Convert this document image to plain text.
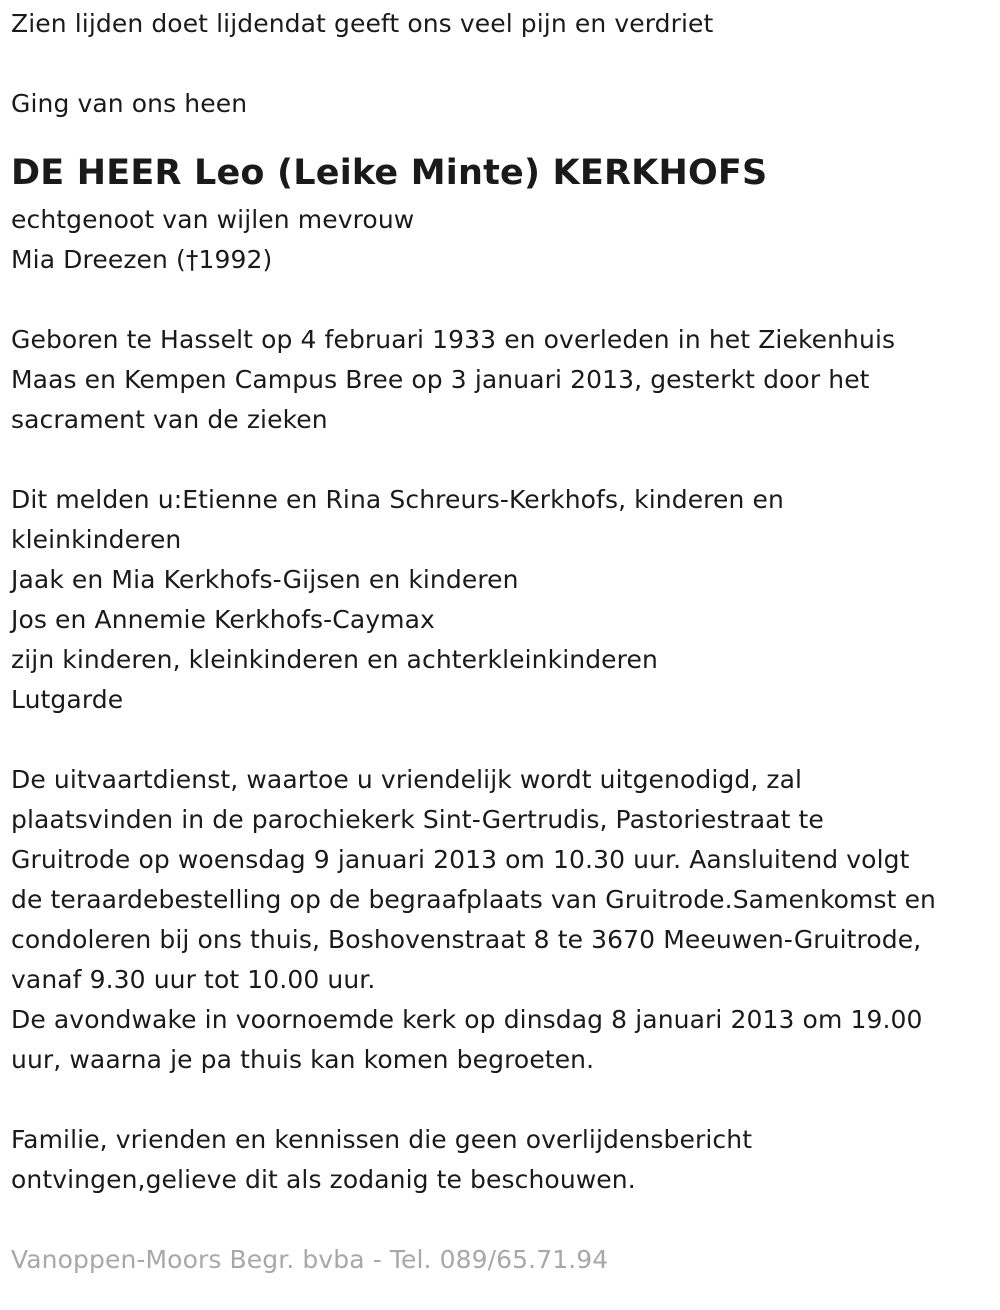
Zien lijden doet lijdendat geeft ons veel pijn en verdriet
Ging van ons heen
DE HEER Leo (Leike Minte) KERKHOFS
echtgenoot van wijlen mevrouw
Mia Dreezen (†1992)
Geboren te Hasselt op 4 februari 1933 en overleden in het Ziekenhuis
Maas en Kempen Campus Bree op 3 januari 2013, gesterkt door het
sacrament van de zieken
Dit melden u:Etienne en Rina Schreurs-Kerkhofs, kinderen en
kleinkinderen
Jaak en Mia Kerkhofs-Gijsen en kinderen
Jos en Annemie Kerkhofs-Caymax
zijn kinderen, kleinkinderen en achterkleinkinderen
Lutgarde
De uitvaartdienst, waartoe u vriendelijk wordt uitgenodigd, zal
plaatsvinden in de parochiekerk Sint-Gertrudis, Pastoriestraat te
Gruitrode op woensdag 9 januari 2013 om 10.30 uur. Aansluitend volgt
de teraardebestelling op de begraafplaats van Gruitrode.Samenkomst en
condoleren bij ons thuis, Boshovenstraat 8 te 3670 Meeuwen-Gruitrode,
vanaf 9.30 uur tot 10.00 uur.
De avondwake in voornoemde kerk op dinsdag 8 januari 2013 om 19.00
uur, waarna je pa thuis kan komen begroeten.
Familie, vrienden en kennissen die geen overlijdensbericht
ontvingen,gelieve dit als zodanig te beschouwen.
Vanoppen-Moors Begr. bvba - Tel. 089/65.71.94
